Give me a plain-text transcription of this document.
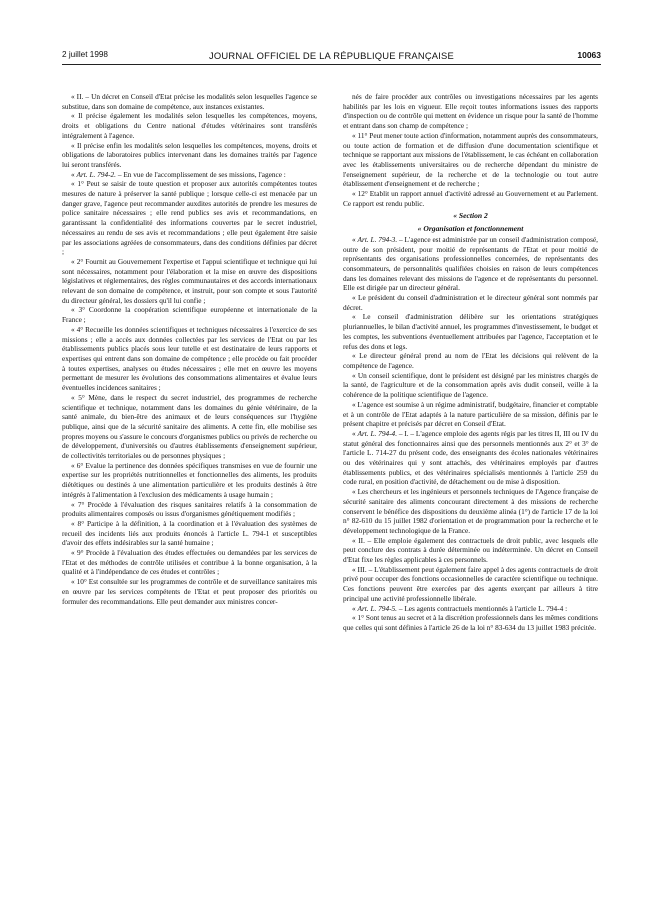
2 juillet 1998	JOURNAL OFFICIEL DE LA RÉPUBLIQUE FRANÇAISE	10063

« II. – Un décret en Conseil d'Etat précise les modalités selon lesquelles l'agence se substitue, dans son domaine de compétence, aux instances existantes.

« Il précise également les modalités selon lesquelles les compétences, moyens, droits et obligations du Centre national d'études vétérinaires sont transférés intégralement à l'agence.

« Il précise enfin les modalités selon lesquelles les compétences, moyens, droits et obligations de laboratoires publics intervenant dans les domaines traités par l'agence lui seront transférés.

« Art. L. 794-2. – En vue de l'accomplissement de ses missions, l'agence :

« 1° Peut se saisir de toute question et proposer aux autorités compétentes toutes mesures de nature à préserver la santé publique ; lorsque celle-ci est menacée par un danger grave, l'agence peut recommander auxdites autorités de prendre les mesures de police sanitaire nécessaires ; elle rend publics ses avis et recommandations, en garantissant la confidentialité des informations couvertes par le secret industriel, nécessaires au rendu de ses avis et recommandations ; elle peut également être saisie par les associations agréées de consommateurs, dans des conditions définies par décret ;

« 2° Fournit au Gouvernement l'expertise et l'appui scientifique et technique qui lui sont nécessaires, notamment pour l'élaboration et la mise en œuvre des dispositions législatives et réglementaires, des règles communautaires et des accords internationaux relevant de son domaine de compétence, et instruit, pour son compte et sous l'autorité du directeur général, les dossiers qu'il lui confie ;

« 3° Coordonne la coopération scientifique européenne et internationale de la France ;

« 4° Recueille les données scientifiques et techniques nécessaires à l'exercice de ses missions ; elle a accès aux données collectées par les services de l'Etat ou par les établissements publics placés sous leur tutelle et est destinataire de leurs rapports et expertises qui entrent dans son domaine de compétence ; elle procède ou fait procéder à toutes expertises, analyses ou études nécessaires ; elle met en œuvre les moyens permettant de mesurer les évolutions des consommations alimentaires et évalue leurs éventuelles incidences sanitaires ;

« 5° Mène, dans le respect du secret industriel, des programmes de recherche scientifique et technique, notamment dans les domaines du génie vétérinaire, de la santé animale, du bien-être des animaux et de leurs conséquences sur l'hygiène publique, ainsi que de la sécurité sanitaire des aliments. A cette fin, elle mobilise ses propres moyens ou s'assure le concours d'organismes publics ou privés de recherche ou de développement, d'universités ou d'autres établissements d'enseignement supérieur, de collectivités territoriales ou de personnes physiques ;

« 6° Evalue la pertinence des données spécifiques transmises en vue de fournir une expertise sur les propriétés nutritionnelles et fonctionnelles des aliments, les produits diététiques ou destinés à une alimentation particulière et les produits destinés à être intégrés à l'alimentation à l'exclusion des médicaments à usage humain ;

« 7° Procède à l'évaluation des risques sanitaires relatifs à la consommation de produits alimentaires composés ou issus d'organismes génétiquement modifiés ;

« 8° Participe à la définition, à la coordination et à l'évaluation des systèmes de recueil des incidents liés aux produits énoncés à l'article L. 794-1 et susceptibles d'avoir des effets indésirables sur la santé humaine ;

« 9° Procède à l'évaluation des études effectuées ou demandées par les services de l'Etat et des méthodes de contrôle utilisées et contribue à la bonne organisation, à la qualité et à l'indépendance de ces études et contrôles ;

« 10° Est consultée sur les programmes de contrôle et de surveillance sanitaires mis en œuvre par les services compétents de l'Etat et peut proposer des priorités ou formuler des recommandations. Elle peut demander aux ministres concer-

nés de faire procéder aux contrôles ou investigations nécessaires par les agents habilités par les lois en vigueur. Elle reçoit toutes informations issues des rapports d'inspection ou de contrôle qui mettent en évidence un risque pour la santé de l'homme et entrant dans son champ de compétence ;

« 11° Peut mener toute action d'information, notamment auprès des consommateurs, ou toute action de formation et de diffusion d'une documentation scientifique et technique se rapportant aux missions de l'établissement, le cas échéant en collaboration avec les établissements universitaires ou de recherche dépendant du ministre de l'enseignement supérieur, de la recherche et de la technologie ou tout autre établissement d'enseignement et de recherche ;

« 12° Etablit un rapport annuel d'activité adressé au Gouvernement et au Parlement. Ce rapport est rendu public.

« Section 2

« Organisation et fonctionnement

« Art. L. 794-3. – L'agence est administrée par un conseil d'administration composé, outre de son président, pour moitié de représentants de l'Etat et pour moitié de représentants des organisations professionnelles concernées, de représentants des consommateurs, de personnalités qualifiées choisies en raison de leurs compétences dans les domaines relevant des missions de l'agence et de représentants du personnel. Elle est dirigée par un directeur général.

« Le président du conseil d'administration et le directeur général sont nommés par décret.

« Le conseil d'administration délibère sur les orientations stratégiques pluriannuelles, le bilan d'activité annuel, les programmes d'investissement, le budget et les comptes, les subventions éventuellement attribuées par l'agence, l'acceptation et le refus des dons et legs.

« Le directeur général prend au nom de l'Etat les décisions qui relèvent de la compétence de l'agence.

« Un conseil scientifique, dont le président est désigné par les ministres chargés de la santé, de l'agriculture et de la consommation après avis dudit conseil, veille à la cohérence de la politique scientifique de l'agence.

« L'agence est soumise à un régime administratif, budgétaire, financier et comptable et à un contrôle de l'Etat adaptés à la nature particulière de sa mission, définis par le présent chapitre et précisés par décret en Conseil d'Etat.

« Art. L. 794-4. – I. – L'agence emploie des agents régis par les titres II, III ou IV du statut général des fonctionnaires ainsi que des personnels mentionnés aux 2° et 3° de l'article L. 714-27 du présent code, des enseignants des écoles nationales vétérinaires ou des vétérinaires qui y sont attachés, des vétérinaires employés par d'autres établissements publics, et des vétérinaires spécialisés mentionnés à l'article 259 du code rural, en position d'activité, de détachement ou de mise à disposition.

« Les chercheurs et les ingénieurs et personnels techniques de l'Agence française de sécurité sanitaire des aliments concourant directement à des missions de recherche conservent le bénéfice des dispositions du deuxième alinéa (1°) de l'article 17 de la loi n° 82-610 du 15 juillet 1982 d'orientation et de programmation pour la recherche et le développement technologique de la France.

« II. – Elle emploie également des contractuels de droit public, avec lesquels elle peut conclure des contrats à durée déterminée ou indéterminée. Un décret en Conseil d'Etat fixe les règles applicables à ces personnels.

« III. – L'établissement peut également faire appel à des agents contractuels de droit privé pour occuper des fonctions occasionnelles de caractère scientifique ou technique. Ces fonctions peuvent être exercées par des agents exerçant par ailleurs à titre principal une activité professionnelle libérale.

« Art. L. 794-5. – Les agents contractuels mentionnés à l'article L. 794-4 :

« 1° Sont tenus au secret et à la discrétion professionnels dans les mêmes conditions que celles qui sont définies à l'article 26 de la loi n° 83-634 du 13 juillet 1983 précitée.
